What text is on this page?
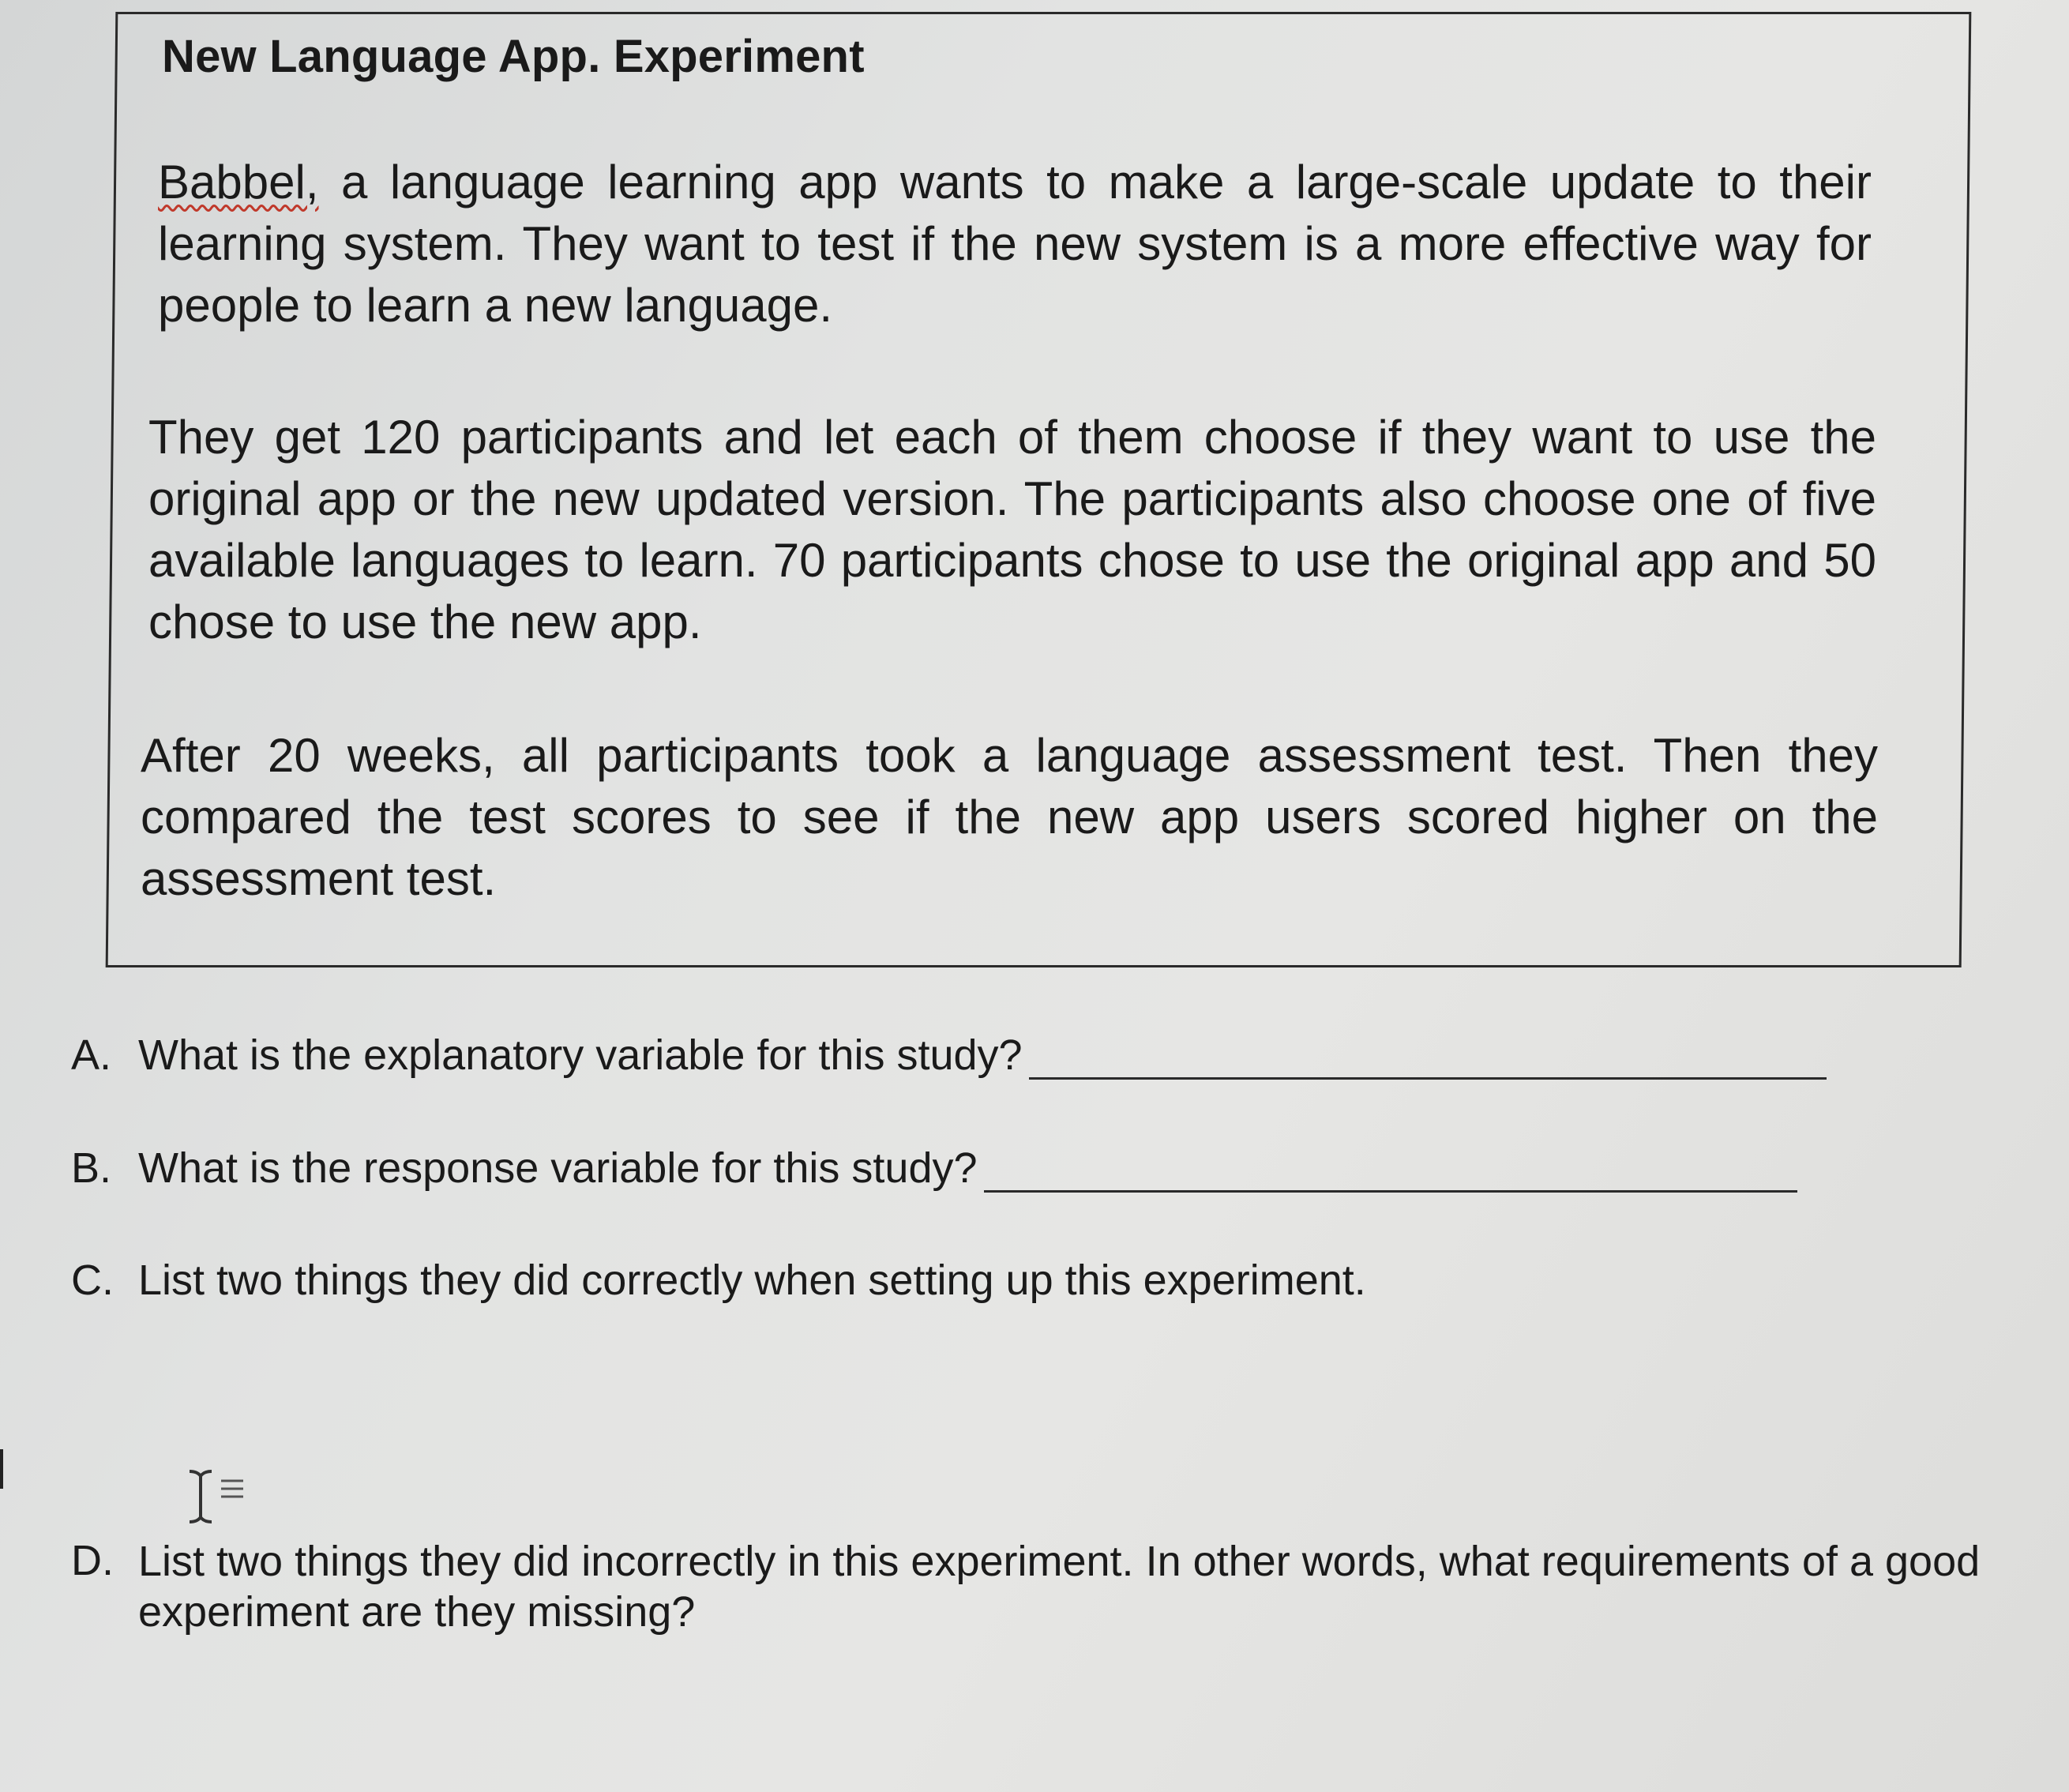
New Language App. Experiment
Babbel, a language learning app wants to make a large-scale update to their learning system. They want to test if the new system is a more effective way for people to learn a new language.
They get 120 participants and let each of them choose if they want to use the original app or the new updated version. The participants also choose one of five available languages to learn. 70 participants chose to use the original app and 50 chose to use the new app.
After 20 weeks, all participants took a language assessment test. Then they compared the test scores to see if the new app users scored higher on the assessment test.
A. What is the explanatory variable for this study?
B. What is the response variable for this study?
C. List two things they did correctly when setting up this experiment.
D. List two things they did incorrectly in this experiment. In other words, what requirements of a good experiment are they missing?
